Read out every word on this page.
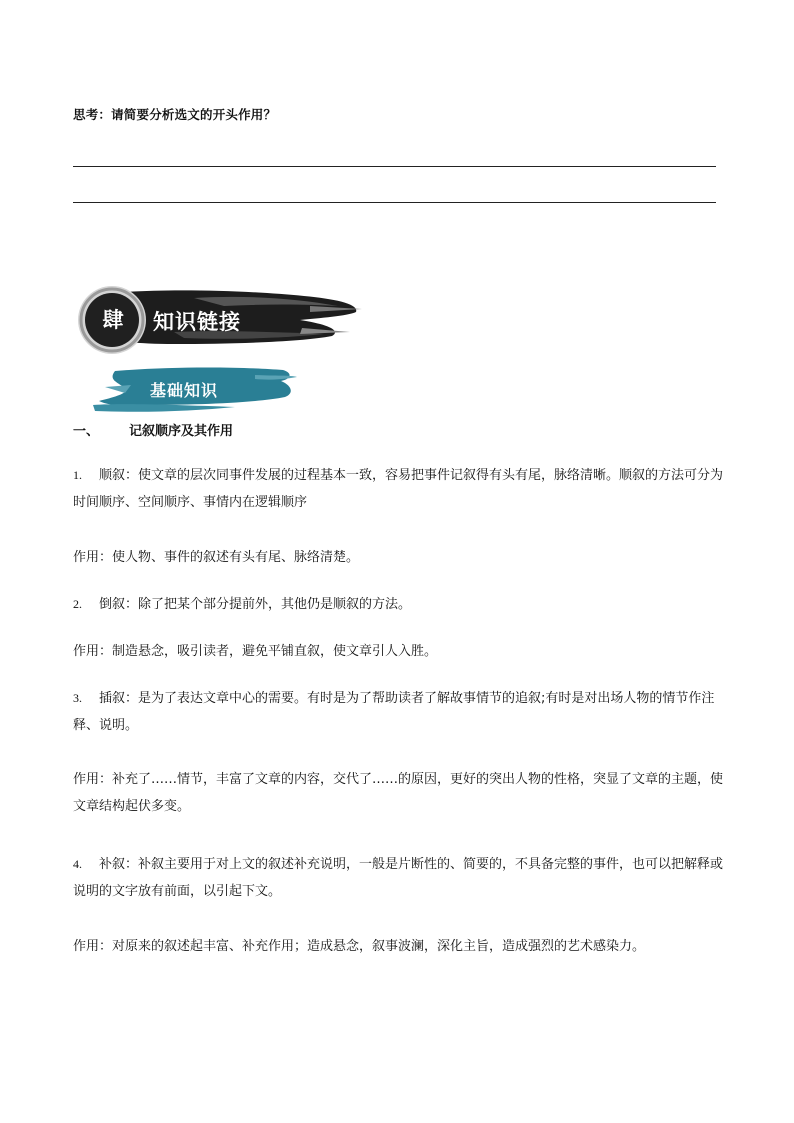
思考：请简要分析选文的开头作用？
肆	知识链接
基础知识
一、 记叙顺序及其作用
1. 顺叙：使文章的层次同事件发展的过程基本一致，容易把事件记叙得有头有尾，脉络清晰。顺叙的方法可分为时间顺序、空间顺序、事情内在逻辑顺序
作用：使人物、事件的叙述有头有尾、脉络清楚。
2. 倒叙：除了把某个部分提前外，其他仍是顺叙的方法。
作用：制造悬念，吸引读者，避免平铺直叙，使文章引人入胜。
3. 插叙：是为了表达文章中心的需要。有时是为了帮助读者了解故事情节的追叙;有时是对出场人物的情节作注释、说明。
作用：补充了……情节，丰富了文章的内容，交代了……的原因，更好的突出人物的性格，突显了文章的主题，使文章结构起伏多变。
4. 补叙：补叙主要用于对上文的叙述补充说明，一般是片断性的、简要的，不具备完整的事件，也可以把解释或说明的文字放有前面，以引起下文。
作用：对原来的叙述起丰富、补充作用；造成悬念，叙事波澜，深化主旨，造成强烈的艺术感染力。
